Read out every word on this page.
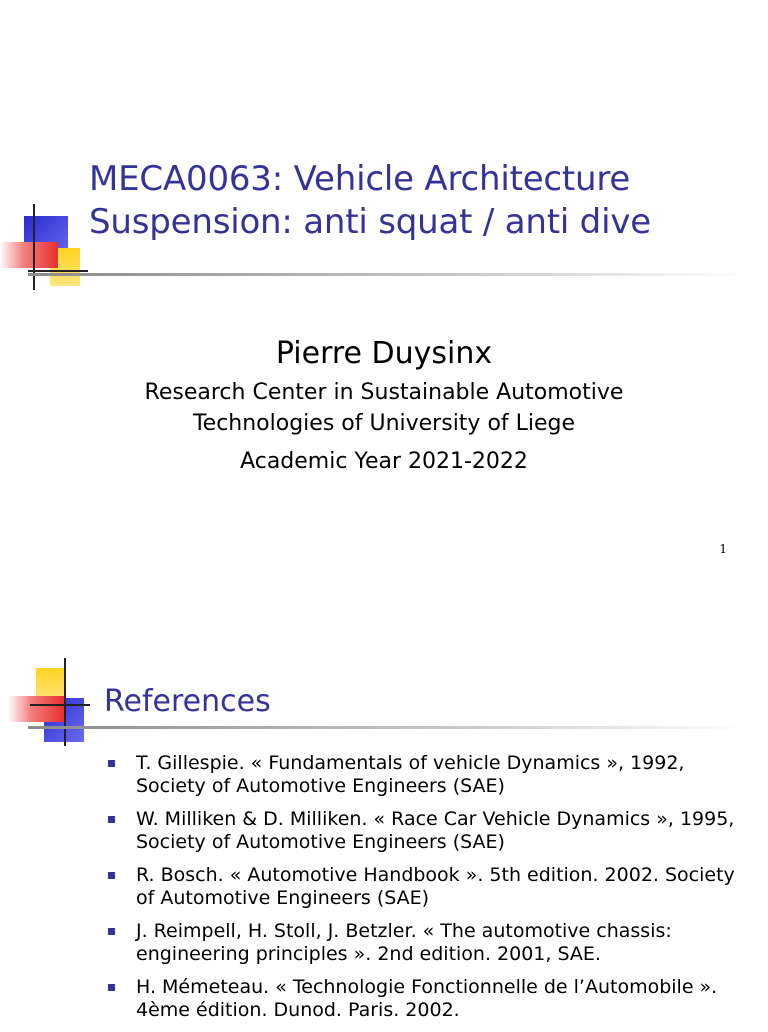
MECA0063: Vehicle Architecture
Suspension: anti squat / anti dive
Pierre Duysinx
Research Center in Sustainable Automotive
Technologies of University of Liege
Academic Year 2021-2022
1
References
T. Gillespie. « Fundamentals of vehicle Dynamics », 1992, Society of Automotive Engineers (SAE)
W. Milliken & D. Milliken. « Race Car Vehicle Dynamics », 1995, Society of Automotive Engineers (SAE)
R. Bosch. « Automotive Handbook ». 5th edition. 2002. Society of Automotive Engineers (SAE)
J. Reimpell, H. Stoll, J. Betzler. « The automotive chassis: engineering principles ». 2nd edition. 2001, SAE.
H. Mémeteau. « Technologie Fonctionnelle de l’Automobile ». 4ème édition. Dunod. Paris. 2002.
